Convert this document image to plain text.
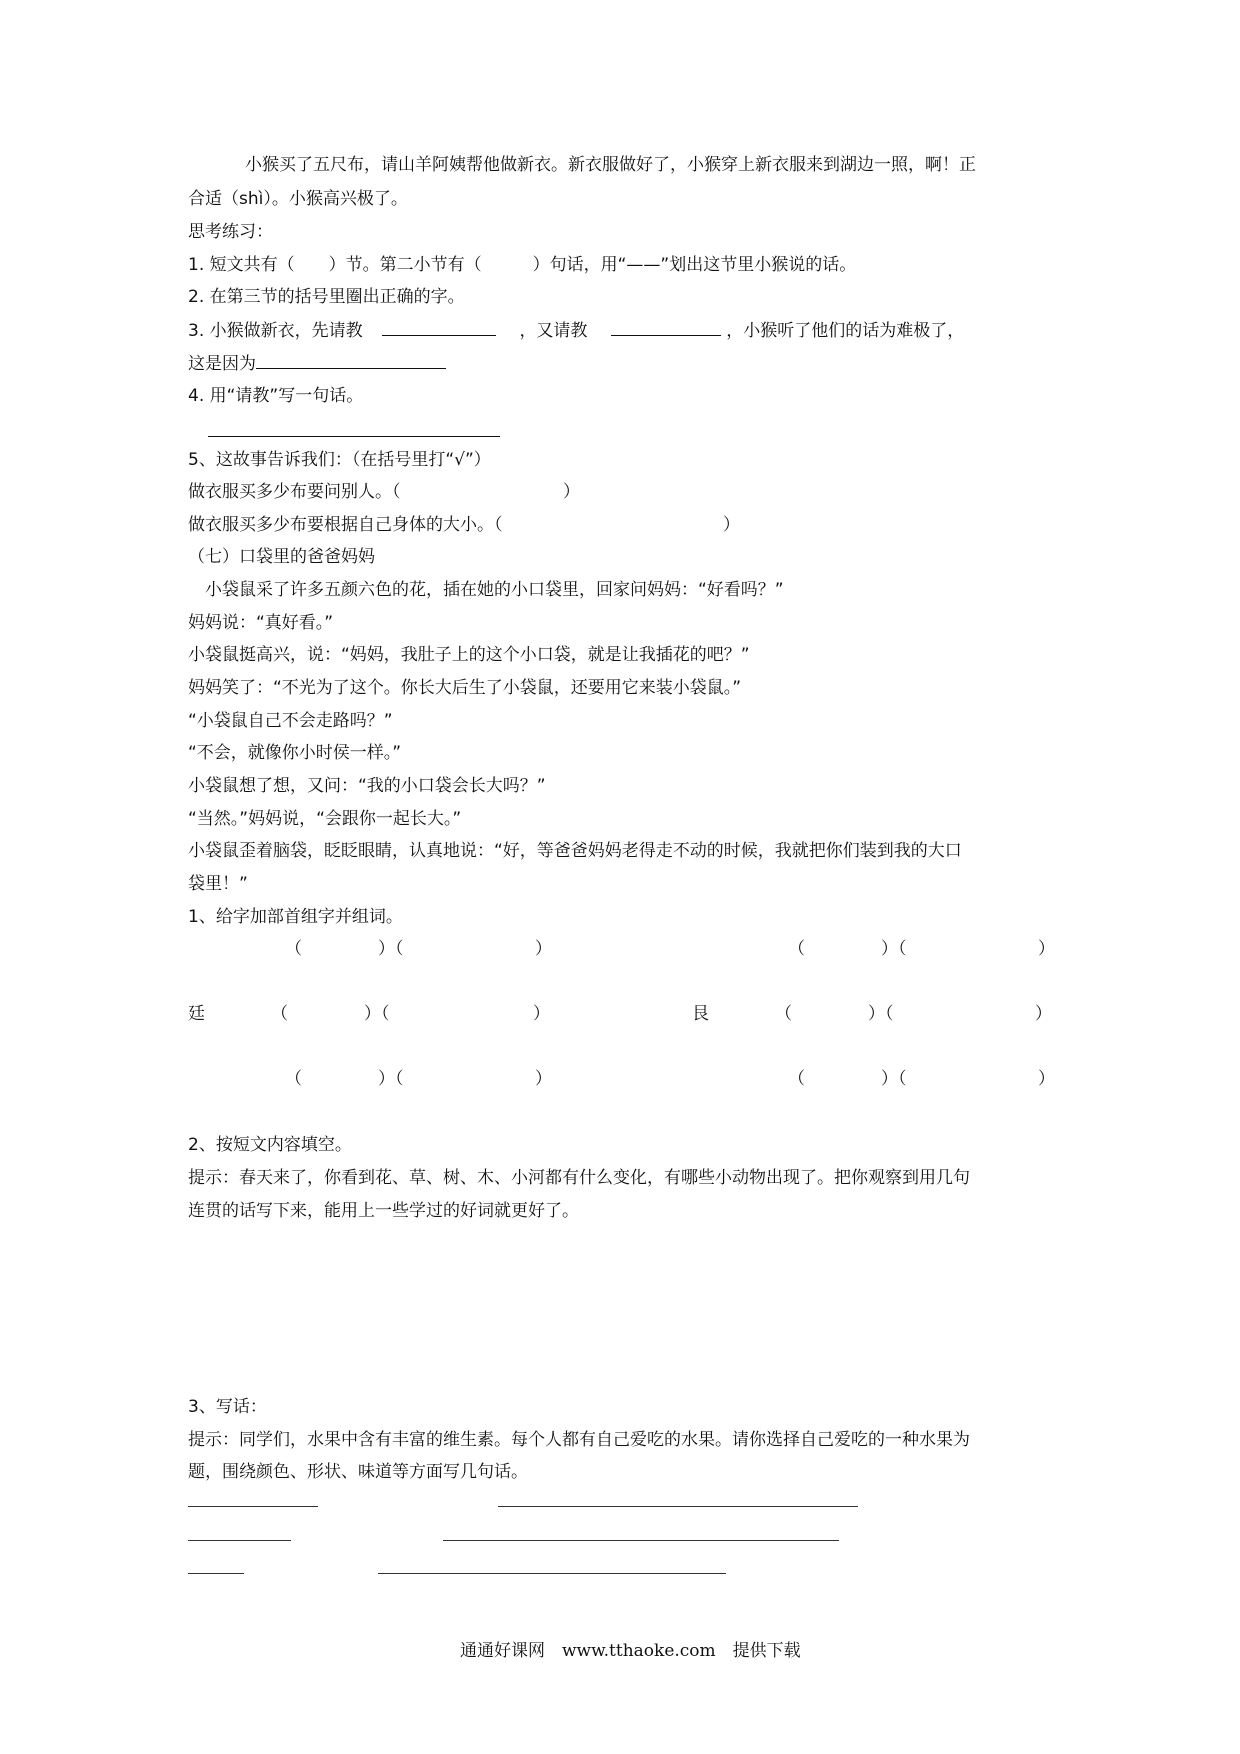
小猴买了五尺布，请山羊阿姨帮他做新衣。新衣服做好了，小猴穿上新衣服来到湖边一照，啊！正
合适（shì）。小猴高兴极了。
思考练习：
1. 短文共有（　　）节。第二小节有（　　　）句话，用“——”划出这节里小猴说的话。
2. 在第三节的括号里圈出正确的字。
3. 小猴做新衣，先请教	，又请教	，小猴听了他们的话为难极了，
这是因为
4. 用“请教”写一句话。
5、这故事告诉我们：（在括号里打“√”）
做衣服买多少布要问别人。（	）
做衣服买多少布要根据自己身体的大小。（	）
（七）口袋里的爸爸妈妈
　小袋鼠采了许多五颜六色的花，插在她的小口袋里，回家问妈妈：“好看吗？”
妈妈说：“真好看。”
小袋鼠挺高兴，说：“妈妈，我肚子上的这个小口袋，就是让我插花的吧？”
妈妈笑了：“不光为了这个。你长大后生了小袋鼠，还要用它来装小袋鼠。”
“小袋鼠自己不会走路吗？”
“不会，就像你小时侯一样。”
小袋鼠想了想，又问：“我的小口袋会长大吗？”
“当然。”妈妈说，“会跟你一起长大。”
小袋鼠歪着脑袋，眨眨眼睛，认真地说：“好，等爸爸妈妈老得走不动的时候，我就把你们装到我的大口
袋里！”
1、给字加部首组字并组词。
（	）（	）	（	）（	）
廷	（	）（	）	艮	（	）（	）
（	）（	）	（	）（	）
2、按短文内容填空。
提示：春天来了，你看到花、草、树、木、小河都有什么变化，有哪些小动物出现了。把你观察到用几句
连贯的话写下来，能用上一些学过的好词就更好了。
3、写话：
提示：同学们，水果中含有丰富的维生素。每个人都有自己爱吃的水果。请你选择自己爱吃的一种水果为
题，围绕颜色、形状、味道等方面写几句话。
通通好课网　www.tthaoke.com　提供下载
